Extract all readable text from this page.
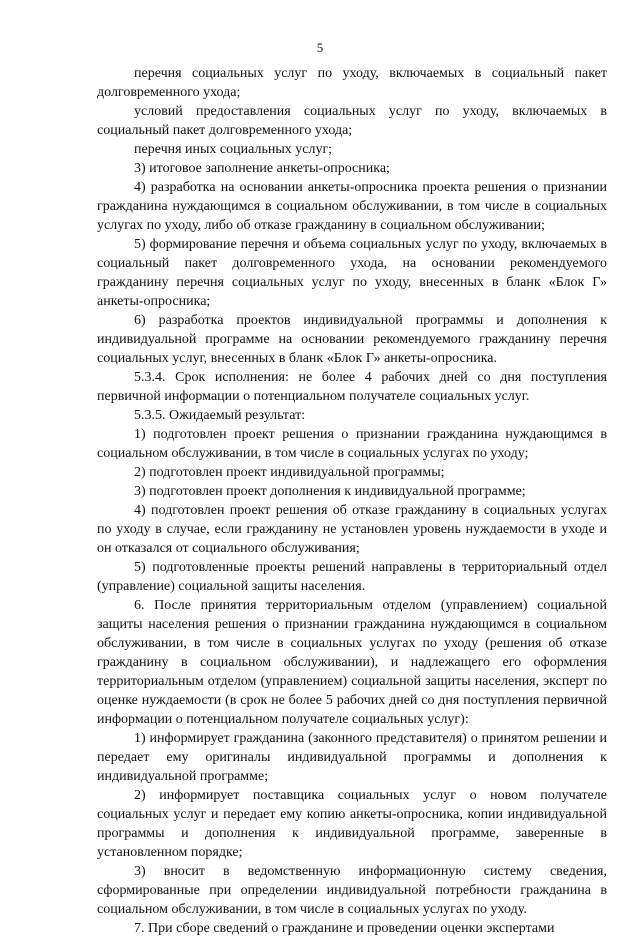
5

перечня социальных услуг по уходу, включаемых в социальный пакет долговременного ухода;

условий предоставления социальных услуг по уходу, включаемых в социальный пакет долговременного ухода;

перечня иных социальных услуг;

3) итоговое заполнение анкеты-опросника;

4) разработка на основании анкеты-опросника проекта решения о признании гражданина нуждающимся в социальном обслуживании, в том числе в социальных услугах по уходу, либо об отказе гражданину в социальном обслуживании;

5) формирование перечня и объема социальных услуг по уходу, включаемых в социальный пакет долговременного ухода, на основании рекомендуемого гражданину перечня социальных услуг по уходу, внесенных в бланк «Блок Г» анкеты-опросника;

6) разработка проектов индивидуальной программы и дополнения к индивидуальной программе на основании рекомендуемого гражданину перечня социальных услуг, внесенных в бланк «Блок Г» анкеты-опросника.

5.3.4. Срок исполнения: не более 4 рабочих дней со дня поступления первичной информации о потенциальном получателе социальных услуг.

5.3.5. Ожидаемый результат:

1) подготовлен проект решения о признании гражданина нуждающимся в социальном обслуживании, в том числе в социальных услугах по уходу;

2) подготовлен проект индивидуальной программы;

3) подготовлен проект дополнения к индивидуальной программе;

4) подготовлен проект решения об отказе гражданину в социальных услугах по уходу в случае, если гражданину не установлен уровень нуждаемости в уходе и он отказался от социального обслуживания;

5) подготовленные проекты решений направлены в территориальный отдел (управление) социальной защиты населения.

6. После принятия территориальным отделом (управлением) социальной защиты населения решения о признании гражданина нуждающимся в социальном обслуживании, в том числе в социальных услугах по уходу (решения об отказе гражданину в социальном обслуживании), и надлежащего его оформления территориальным отделом (управлением) социальной защиты населения, эксперт по оценке нуждаемости (в срок не более 5 рабочих дней со дня поступления первичной информации о потенциальном получателе социальных услуг):

1) информирует гражданина (законного представителя) о принятом решении и передает ему оригиналы индивидуальной программы и дополнения к индивидуальной программе;

2) информирует поставщика социальных услуг о новом получателе социальных услуг и передает ему копию анкеты-опросника, копии индивидуальной программы и дополнения к индивидуальной программе, заверенные в установленном порядке;

3) вносит в ведомственную информационную систему сведения, сформированные при определении индивидуальной потребности гражданина в социальном обслуживании, в том числе в социальных услугах по уходу.

7. При сборе сведений о гражданине и проведении оценки экспертами
